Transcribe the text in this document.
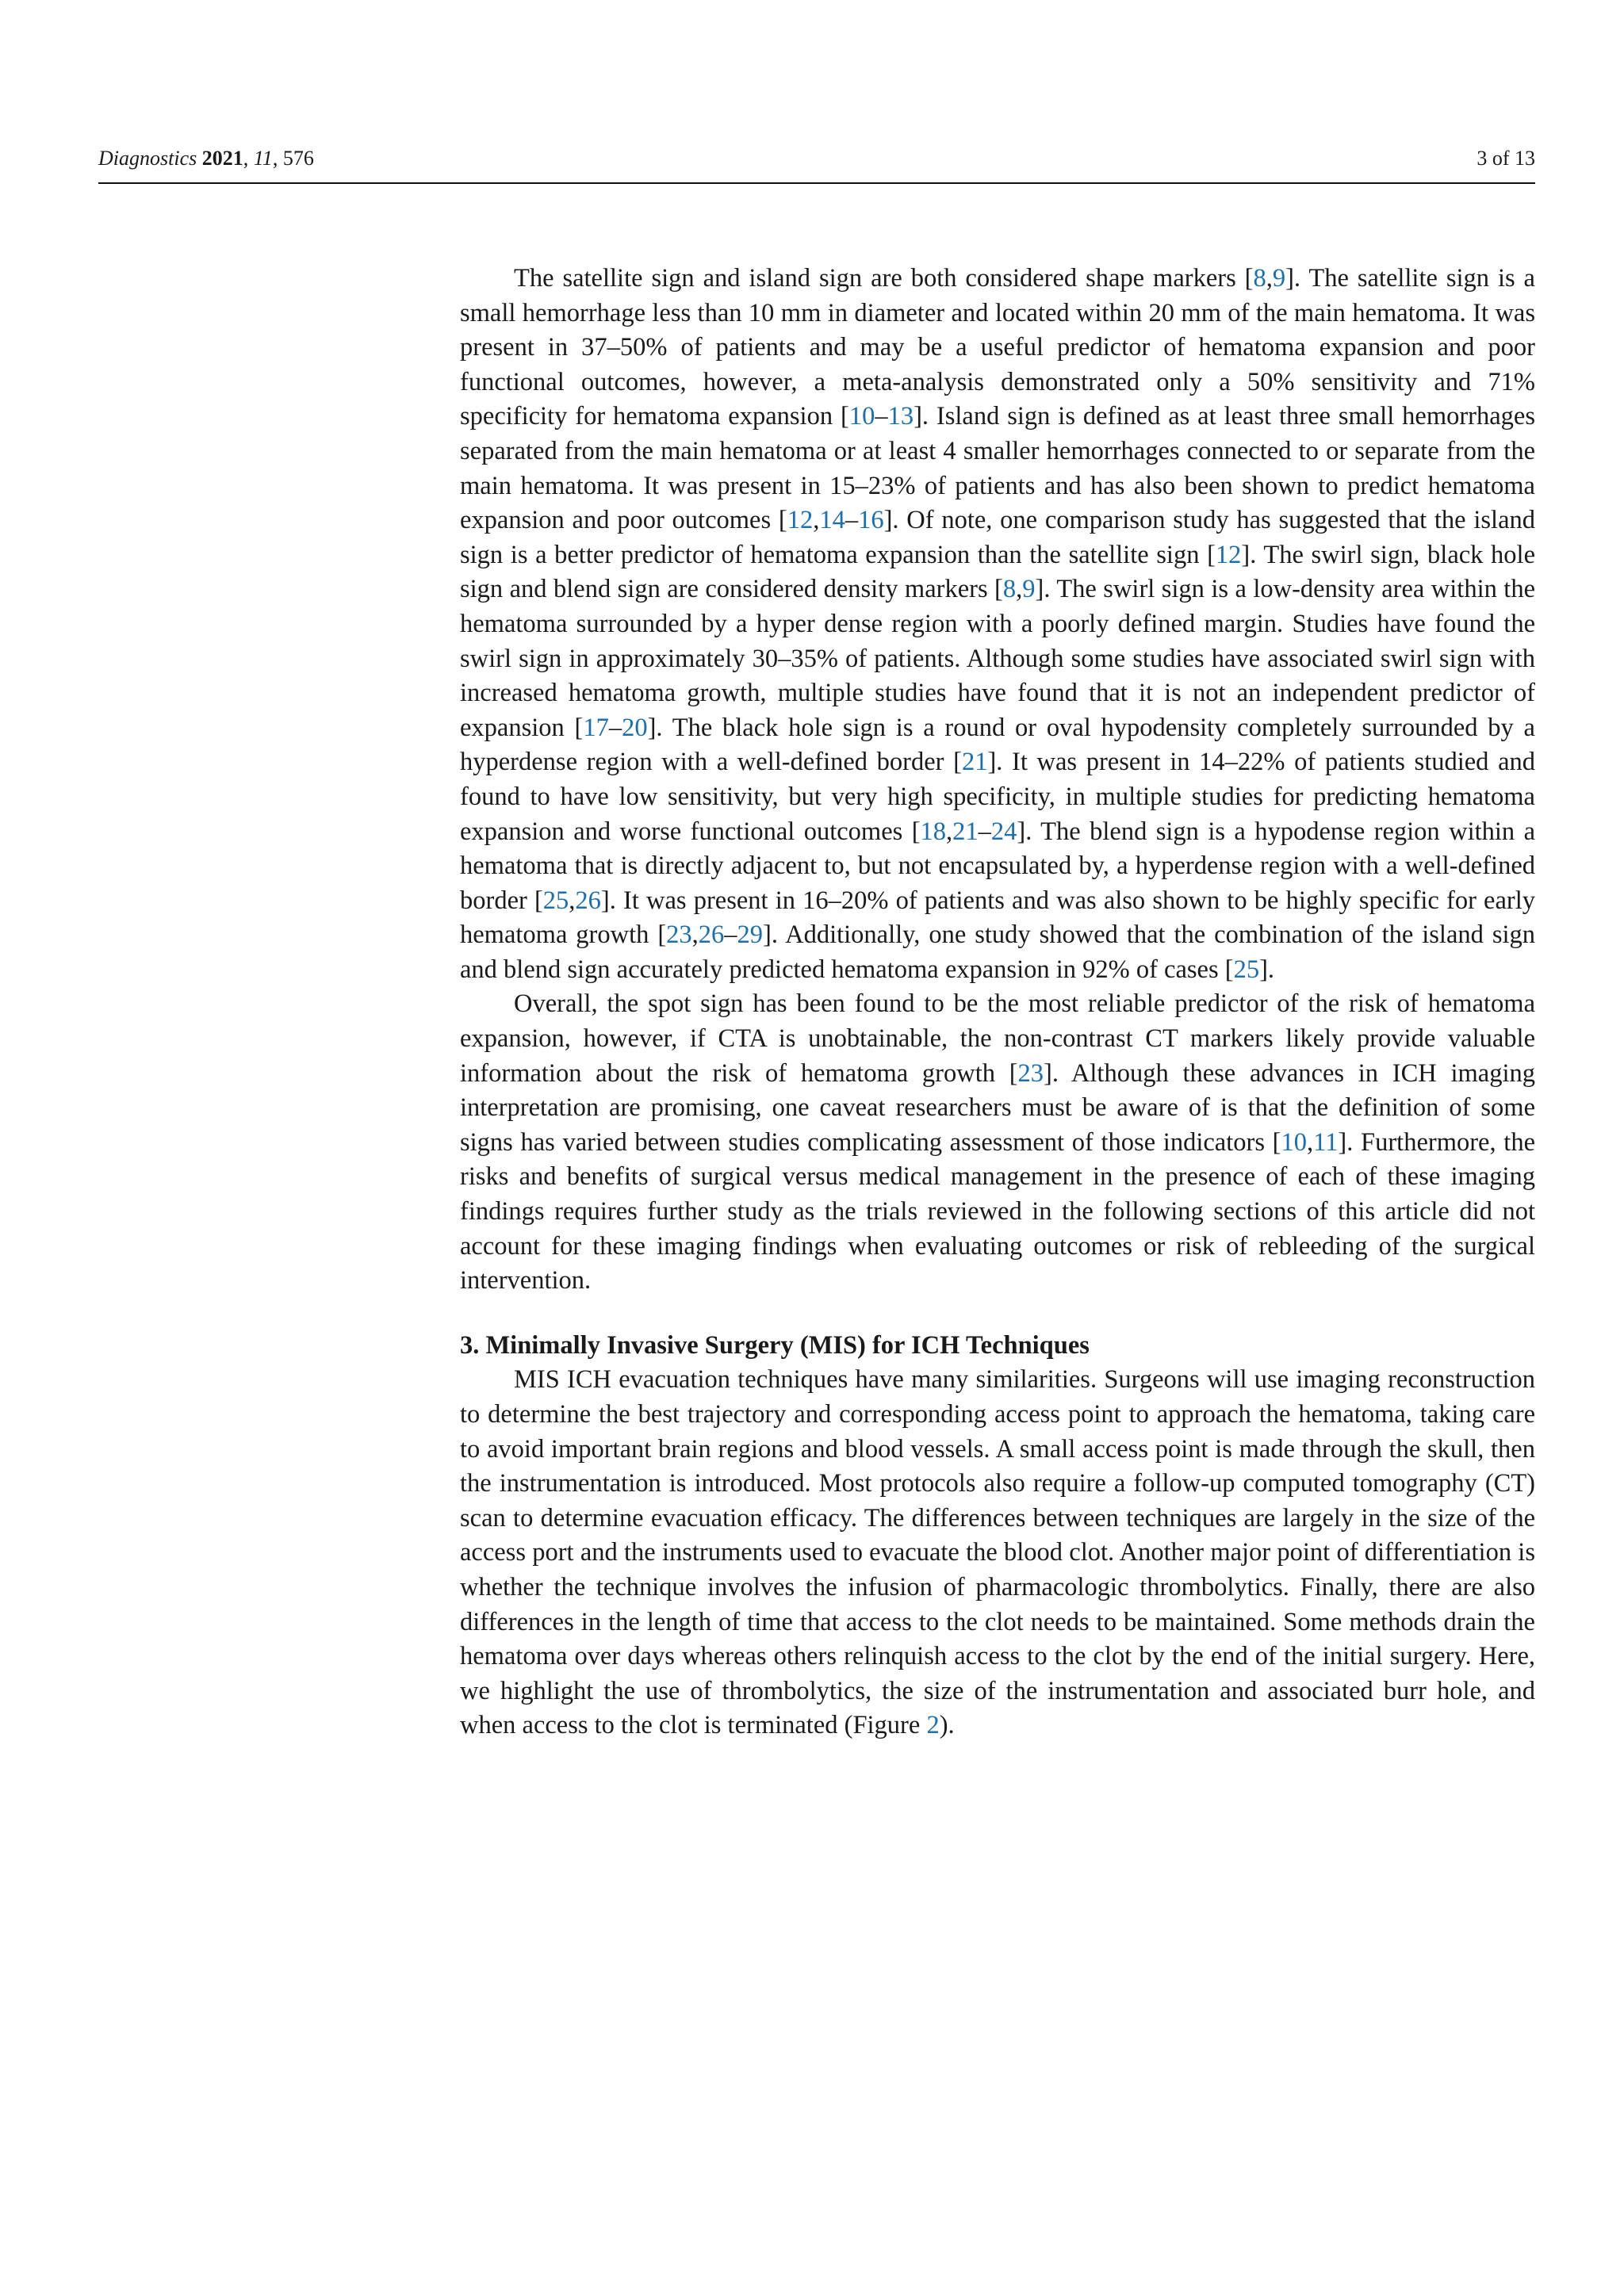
Diagnostics 2021, 11, 576	3 of 13

The satellite sign and island sign are both considered shape markers [8,9]. The satellite sign is a small hemorrhage less than 10 mm in diameter and located within 20 mm of the main hematoma. It was present in 37–50% of patients and may be a useful predictor of hematoma expansion and poor functional outcomes, however, a meta-analysis demonstrated only a 50% sensitivity and 71% specificity for hematoma expansion [10–13]. Island sign is defined as at least three small hemorrhages separated from the main hematoma or at least 4 smaller hemorrhages connected to or separate from the main hematoma. It was present in 15–23% of patients and has also been shown to predict hematoma expansion and poor outcomes [12,14–16]. Of note, one comparison study has suggested that the island sign is a better predictor of hematoma expansion than the satellite sign [12]. The swirl sign, black hole sign and blend sign are considered density markers [8,9]. The swirl sign is a low-density area within the hematoma surrounded by a hyper dense region with a poorly defined margin. Studies have found the swirl sign in approximately 30–35% of patients. Although some studies have associated swirl sign with increased hematoma growth, multiple studies have found that it is not an independent predictor of expansion [17–20]. The black hole sign is a round or oval hypodensity completely surrounded by a hyperdense region with a well-defined border [21]. It was present in 14–22% of patients studied and found to have low sensitivity, but very high specificity, in multiple studies for predicting hematoma expansion and worse functional outcomes [18,21–24]. The blend sign is a hypodense region within a hematoma that is directly adjacent to, but not encapsulated by, a hyperdense region with a well-defined border [25,26]. It was present in 16–20% of patients and was also shown to be highly specific for early hematoma growth [23,26–29]. Additionally, one study showed that the combination of the island sign and blend sign accurately predicted hematoma expansion in 92% of cases [25].

Overall, the spot sign has been found to be the most reliable predictor of the risk of hematoma expansion, however, if CTA is unobtainable, the non-contrast CT markers likely provide valuable information about the risk of hematoma growth [23]. Although these advances in ICH imaging interpretation are promising, one caveat researchers must be aware of is that the definition of some signs has varied between studies complicating assessment of those indicators [10,11]. Furthermore, the risks and benefits of surgical versus medical management in the presence of each of these imaging findings requires further study as the trials reviewed in the following sections of this article did not account for these imaging findings when evaluating outcomes or risk of rebleeding of the surgical intervention.

3. Minimally Invasive Surgery (MIS) for ICH Techniques

MIS ICH evacuation techniques have many similarities. Surgeons will use imaging reconstruction to determine the best trajectory and corresponding access point to approach the hematoma, taking care to avoid important brain regions and blood vessels. A small access point is made through the skull, then the instrumentation is introduced. Most protocols also require a follow-up computed tomography (CT) scan to determine evacuation efficacy. The differences between techniques are largely in the size of the access port and the instruments used to evacuate the blood clot. Another major point of differentiation is whether the technique involves the infusion of pharmacologic thrombolytics. Finally, there are also differences in the length of time that access to the clot needs to be maintained. Some methods drain the hematoma over days whereas others relinquish access to the clot by the end of the initial surgery. Here, we highlight the use of thrombolytics, the size of the instrumentation and associated burr hole, and when access to the clot is terminated (Figure 2).
